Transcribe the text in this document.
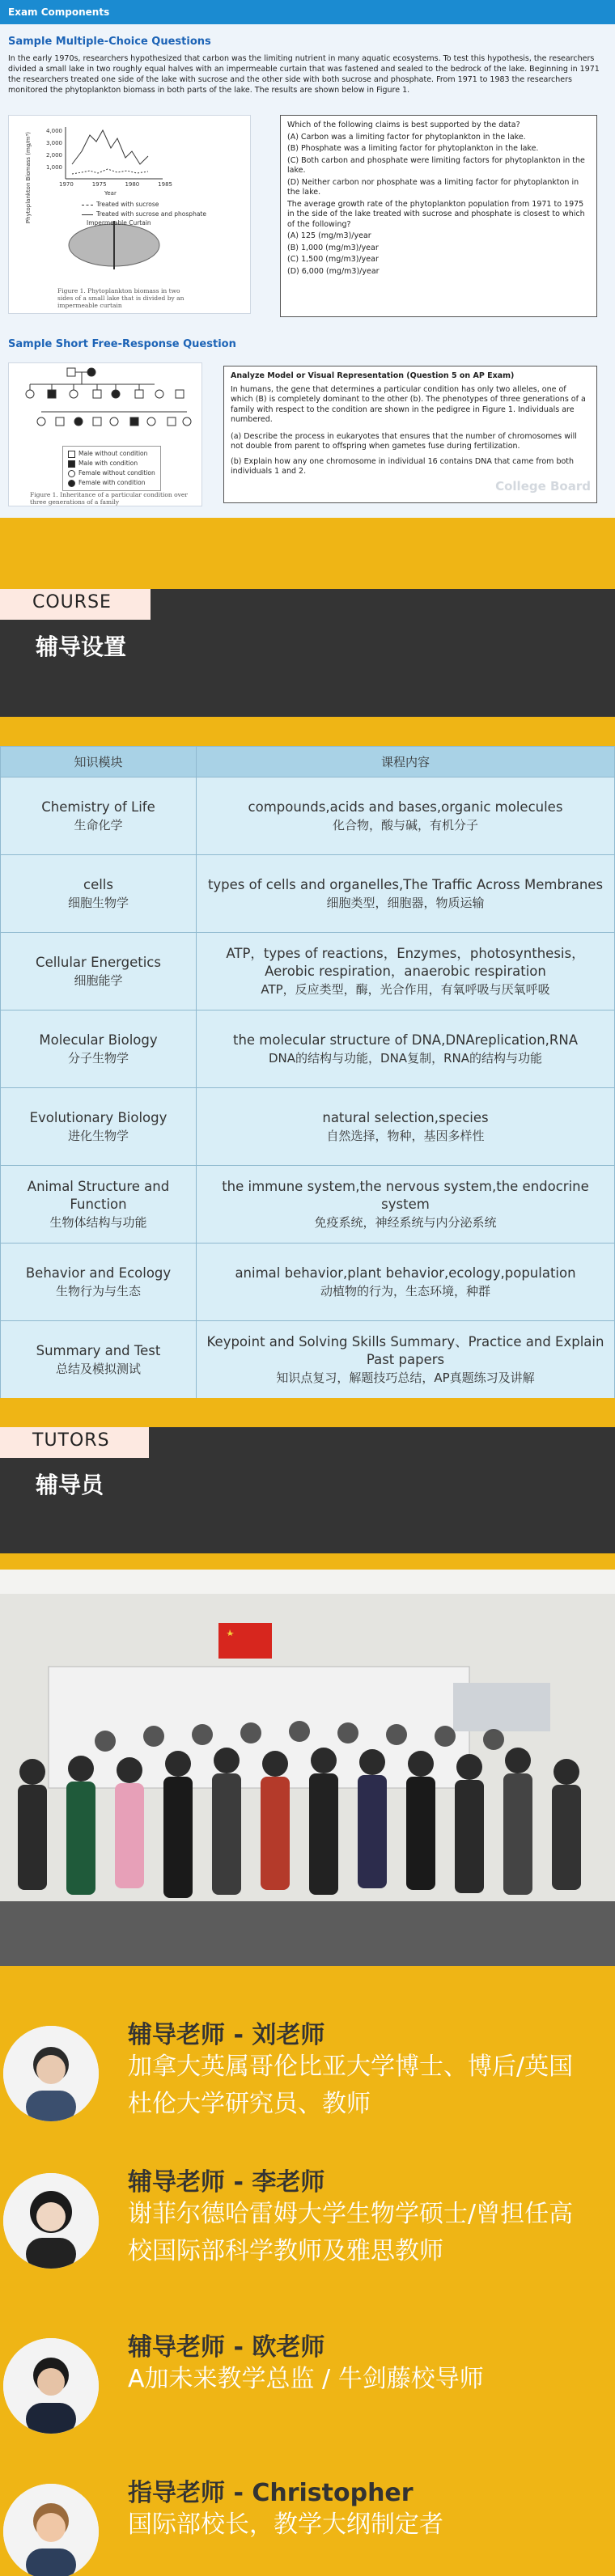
Exam Components
Sample Multiple-Choice Questions
In the early 1970s, researchers hypothesized that carbon was the limiting nutrient in many aquatic ecosystems. To test this hypothesis, the researchers divided a small lake in two roughly equal halves with an impermeable curtain that was fastened and sealed to the bedrock of the lake. Beginning in 1971 the researchers treated one side of the lake with sucrose and the other side with both sucrose and phosphate. From 1971 to 1983 the researchers monitored the phytoplankton biomass in both parts of the lake. The results are shown below in Figure 1.
Phytoplankton Biomass (mg/m³)
4,000
3,000
2,000
1,000
1970	1975	1980	1985
Year
Treated with sucrose
Treated with sucrose and phosphate
Impermeable Curtain
Figure 1. Phytoplankton biomass in two sides of a small lake that is divided by an impermeable curtain

Which of the following claims is best supported by the data?

(A) Carbon was a limiting factor for phytoplankton in the lake.

(B) Phosphate was a limiting factor for phytoplankton in the lake.

(C) Both carbon and phosphate were limiting factors for phytoplankton in the lake.

(D) Neither carbon nor phosphate was a limiting factor for phytoplankton in the lake.

The average growth rate of the phytoplankton population from 1971 to 1975 in the side of the lake treated with sucrose and phosphate is closest to which of the following?

(A) 125 (mg/m3)/year

(B) 1,000 (mg/m3)/year

(C) 1,500 (mg/m3)/year

(D) 6,000 (mg/m3)/year

Sample Short Free-Response Question
Male without condition
Male with condition
Female without condition
Female with condition
Figure 1. Inheritance of a particular condition over three generations of a family

Analyze Model or Visual Representation (Question 5 on AP Exam)

In humans, the gene that determines a particular condition has only two alleles, one of which (B) is completely dominant to the other (b). The phenotypes of three generations of a family with respect to the condition are shown in the pedigree in Figure 1. Individuals are numbered.

(a) Describe the process in eukaryotes that ensures that the number of chromosomes will not double from parent to offspring when gametes fuse during fertilization.

(b) Explain how any one chromosome in individual 16 contains DNA that came from both individuals 1 and 2.

College Board
COURSE
辅导设置
知识模块	课程内容
Chemistry of Life
生命化学	compounds,acids and bases,organic molecules
化合物，酸与碱，有机分子

cells
细胞生物学	types of cells and organelles,The Traffic Across Membranes
细胞类型，细胞器，物质运输

Cellular Energetics
细胞能学	ATP，types of reactions，Enzymes，photosynthesis，Aerobic respiration，anaerobic respiration
ATP，反应类型，酶，光合作用，有氧呼吸与厌氧呼吸

Molecular Biology
分子生物学	the molecular structure of DNA,DNAreplication,RNA
DNA的结构与功能，DNA复制，RNA的结构与功能

Evolutionary Biology
进化生物学	natural selection,species
自然选择，物种，基因多样性

Animal Structure and Function
生物体结构与功能	the immune system,the nervous system,the endocrine system
免疫系统，神经系统与内分泌系统

Behavior and Ecology
生物行为与生态	animal behavior,plant behavior,ecology,population
动植物的行为，生态环境，种群

Summary and Test
总结及模拟测试	Keypoint and Solving Skills Summary、Practice and Explain Past papers
知识点复习，解题技巧总结，AP真题练习及讲解
TUTORS
辅导员
辅导老师 - 刘老师
加拿大英属哥伦比亚大学博士、博后/英国杜伦大学研究员、教师
辅导老师 - 李老师
谢菲尔德哈雷姆大学生物学硕士/曾担任高校国际部科学教师及雅思教师
辅导老师 - 欧老师
A加未来教学总监 / 牛剑藤校导师
指导老师 - Christopher
国际部校长，教学大纲制定者
